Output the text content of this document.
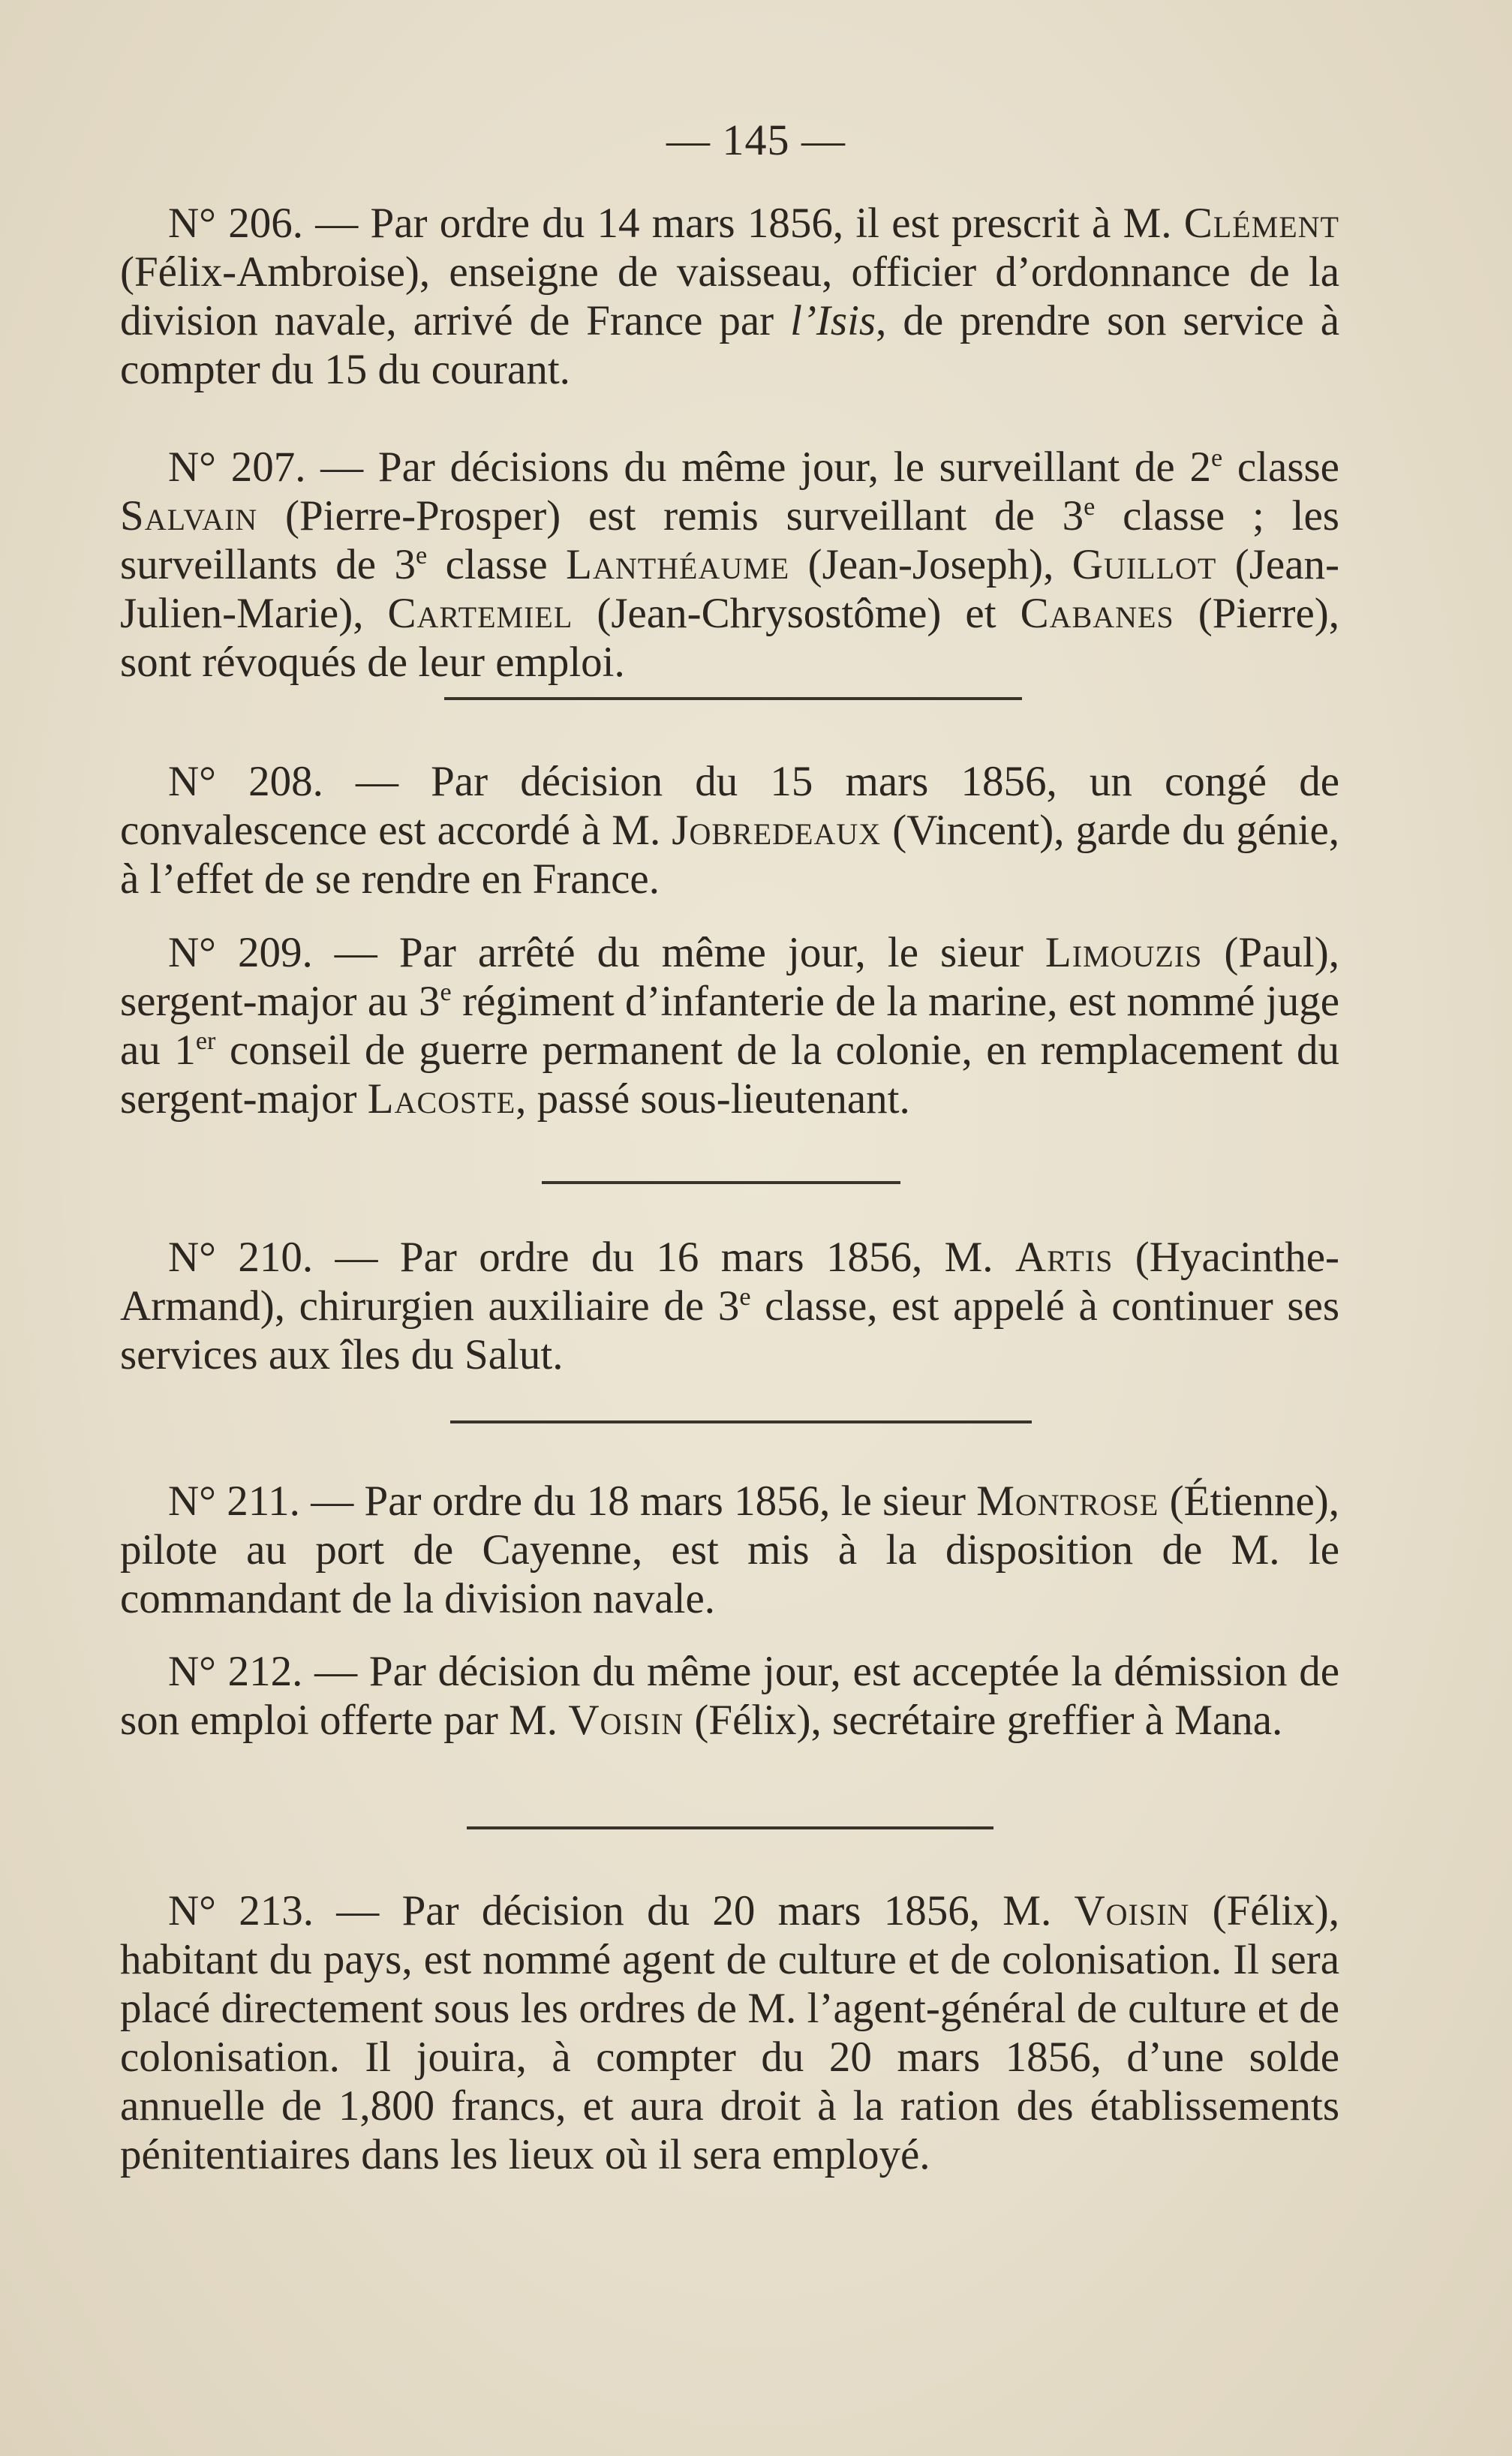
— 145 —

N° 206. — Par ordre du 14 mars 1856, il est prescrit à M. Clément (Félix-Ambroise), enseigne de vaisseau, officier d’ordonnance de la division navale, arrivé de France par l’Isis, de prendre son service à compter du 15 du courant.

N° 207. — Par décisions du même jour, le surveillant de 2e classe Salvain (Pierre-Prosper) est remis surveillant de 3e classe ; les surveillants de 3e classe Lanthéaume (Jean-Joseph), Guillot (Jean-Julien-Marie), Cartemiel (Jean-Chrysostôme) et Cabanes (Pierre), sont révoqués de leur emploi.

N° 208. — Par décision du 15 mars 1856, un congé de convalescence est accordé à M. Jobredeaux (Vincent), garde du génie, à l’effet de se rendre en France.

N° 209. — Par arrêté du même jour, le sieur Limouzis (Paul), sergent-major au 3e régiment d’infanterie de la marine, est nommé juge au 1er conseil de guerre permanent de la colonie, en remplacement du sergent-major Lacoste, passé sous-lieutenant.

N° 210. — Par ordre du 16 mars 1856, M. Artis (Hyacinthe-Armand), chirurgien auxiliaire de 3e classe, est appelé à continuer ses services aux îles du Salut.

N° 211. — Par ordre du 18 mars 1856, le sieur Montrose (Étienne), pilote au port de Cayenne, est mis à la disposition de M. le commandant de la division navale.

N° 212. — Par décision du même jour, est acceptée la démission de son emploi offerte par M. Voisin (Félix), secrétaire greffier à Mana.

N° 213. — Par décision du 20 mars 1856, M. Voisin (Félix), habitant du pays, est nommé agent de culture et de colonisation. Il sera placé directement sous les ordres de M. l’agent-général de culture et de colonisation. Il jouira, à compter du 20 mars 1856, d’une solde annuelle de 1,800 francs, et aura droit à la ration des établissements pénitentiaires dans les lieux où il sera employé.
